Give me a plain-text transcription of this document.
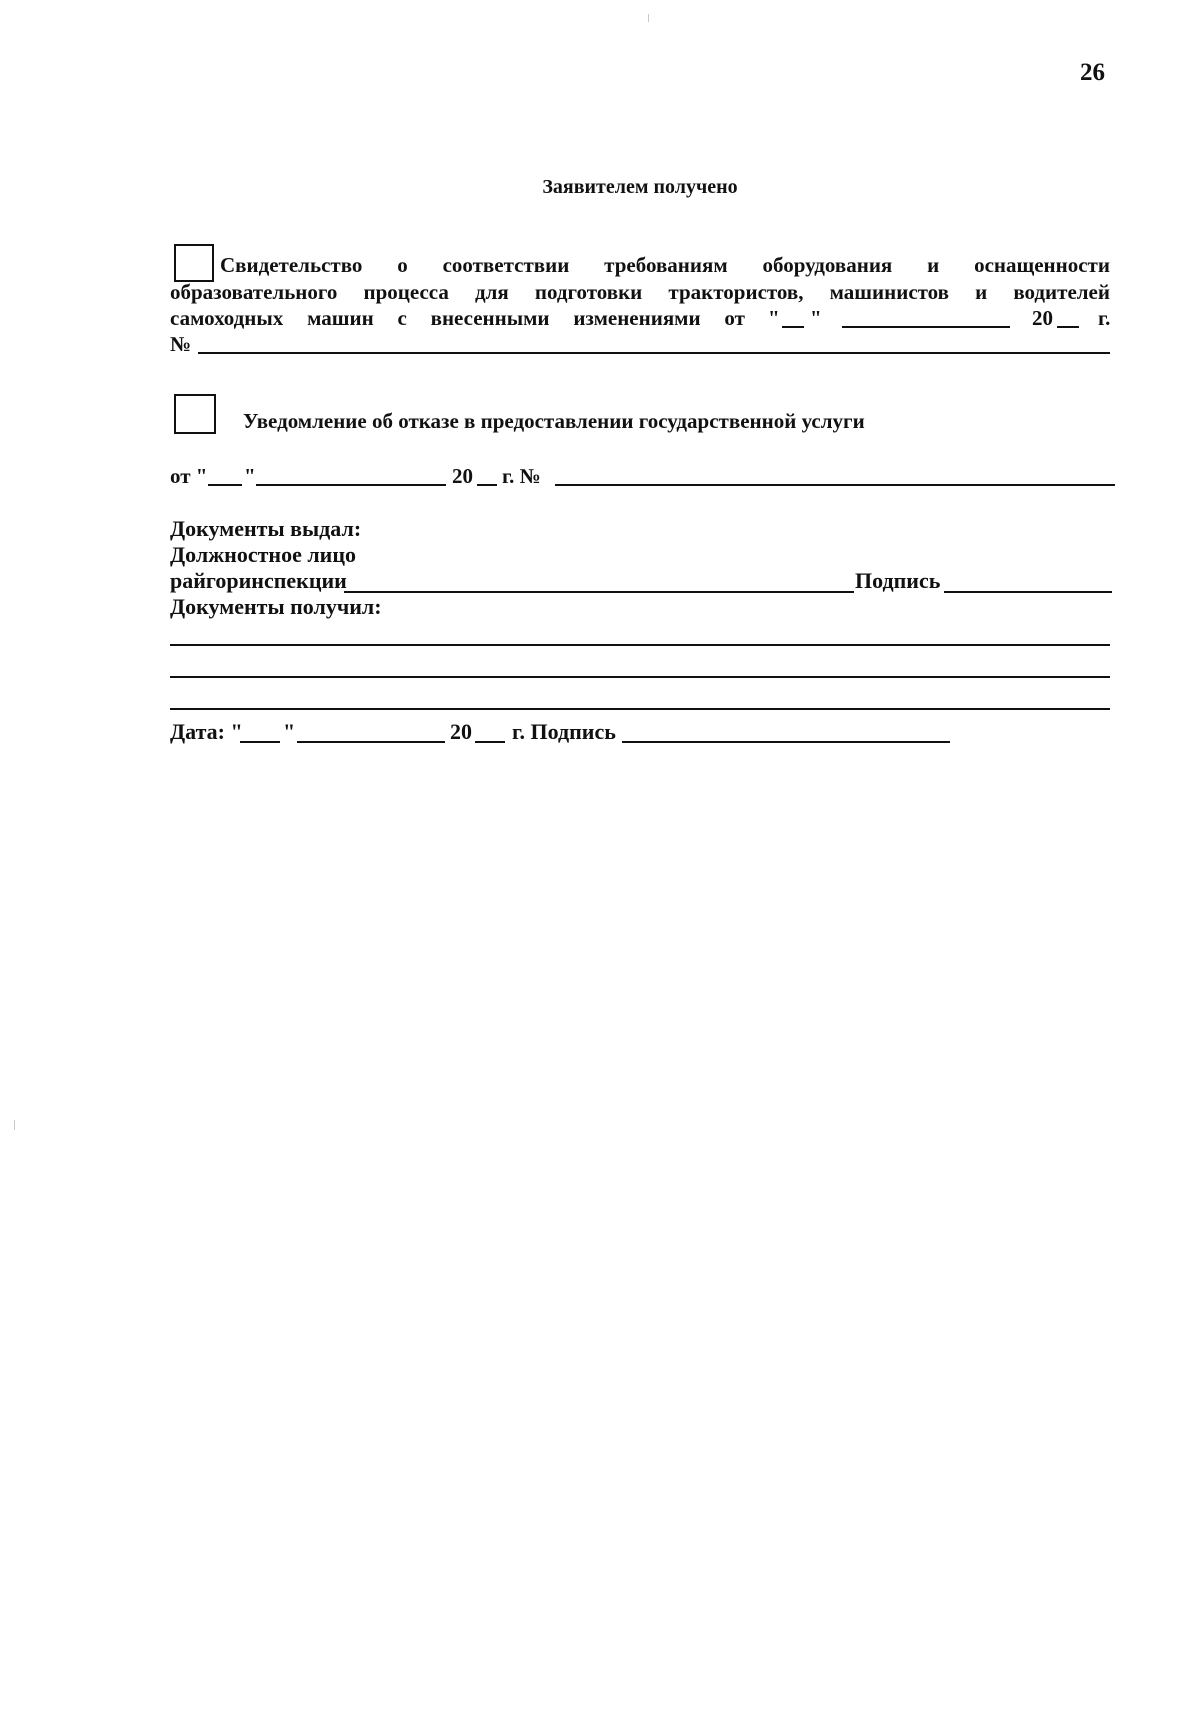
26
Заявителем получено
Свидетельство о соответствии требованиям оборудования и оснащенности
образовательного процесса для подготовки трактористов, машинистов и водителей
самоходных машин с внесенными изменениями от " "	20 г.
№
Уведомление об отказе в предоставлении государственной услуги
от " "	20 г. №
Документы выдал:
Должностное лицо
райгоринспекции	Подпись
Документы получил:
Дата: " "	20 г. Подпись
